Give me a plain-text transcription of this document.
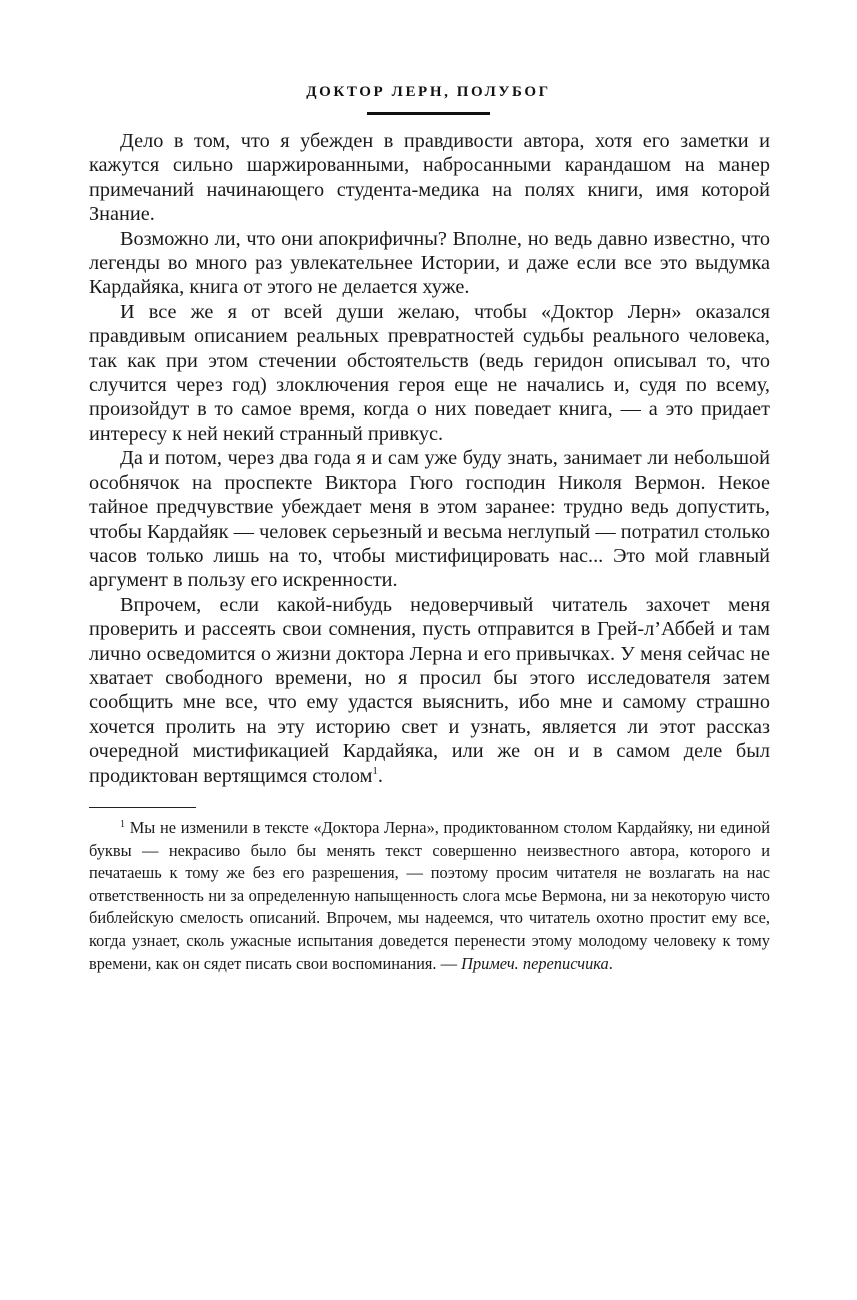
ДОКТОР ЛЕРН, ПОЛУБОГ

Дело в том, что я убежден в правдивости автора, хотя его заметки и кажутся сильно шаржированными, набросанными карандашом на манер примечаний начинающего студента-медика на полях книги, имя которой Знание.

Возможно ли, что они апокрифичны? Вполне, но ведь давно известно, что легенды во много раз увлекательнее Истории, и даже если все это выдумка Кардайяка, книга от этого не делается хуже.

И все же я от всей души желаю, чтобы «Доктор Лерн» оказался правдивым описанием реальных превратностей судьбы реального человека, так как при этом стечении обстоятельств (ведь геридон описывал то, что случится через год) злоключения героя еще не начались и, судя по всему, произойдут в то самое время, когда о них поведает книга, — а это придает интересу к ней некий странный привкус.

Да и потом, через два года я и сам уже буду знать, занимает ли небольшой особнячок на проспекте Виктора Гюго господин Николя Вермон. Некое тайное предчувствие убеждает меня в этом заранее: трудно ведь допустить, чтобы Кардайяк — человек серьезный и весьма неглупый — потратил столько часов только лишь на то, чтобы мистифицировать нас... Это мой главный аргумент в пользу его искренности.

Впрочем, если какой-нибудь недоверчивый читатель захочет меня проверить и рассеять свои сомнения, пусть отправится в Грей-л’Аббей и там лично осведомится о жизни доктора Лерна и его привычках. У меня сейчас не хватает свободного времени, но я просил бы этого исследователя затем сообщить мне все, что ему удастся выяснить, ибо мне и самому страшно хочется пролить на эту историю свет и узнать, является ли этот рассказ очередной мистификацией Кардайяка, или же он и в самом деле был продиктован вертящимся столом$^1$.

$^1$ Мы не изменили в тексте «Доктора Лерна», продиктованном столом Кардайяку, ни единой буквы — некрасиво было бы менять текст совершенно неизвестного автора, которого и печатаешь к тому же без его разрешения, — поэтому просим читателя не возлагать на нас ответственность ни за определенную напыщенность слога мсье Вермона, ни за некоторую чисто библейскую смелость описаний. Впрочем, мы надеемся, что читатель охотно простит ему все, когда узнает, сколь ужасные испытания доведется перенести этому молодому человеку к тому времени, как он сядет писать свои воспоминания. — Примеч. переписчика.
